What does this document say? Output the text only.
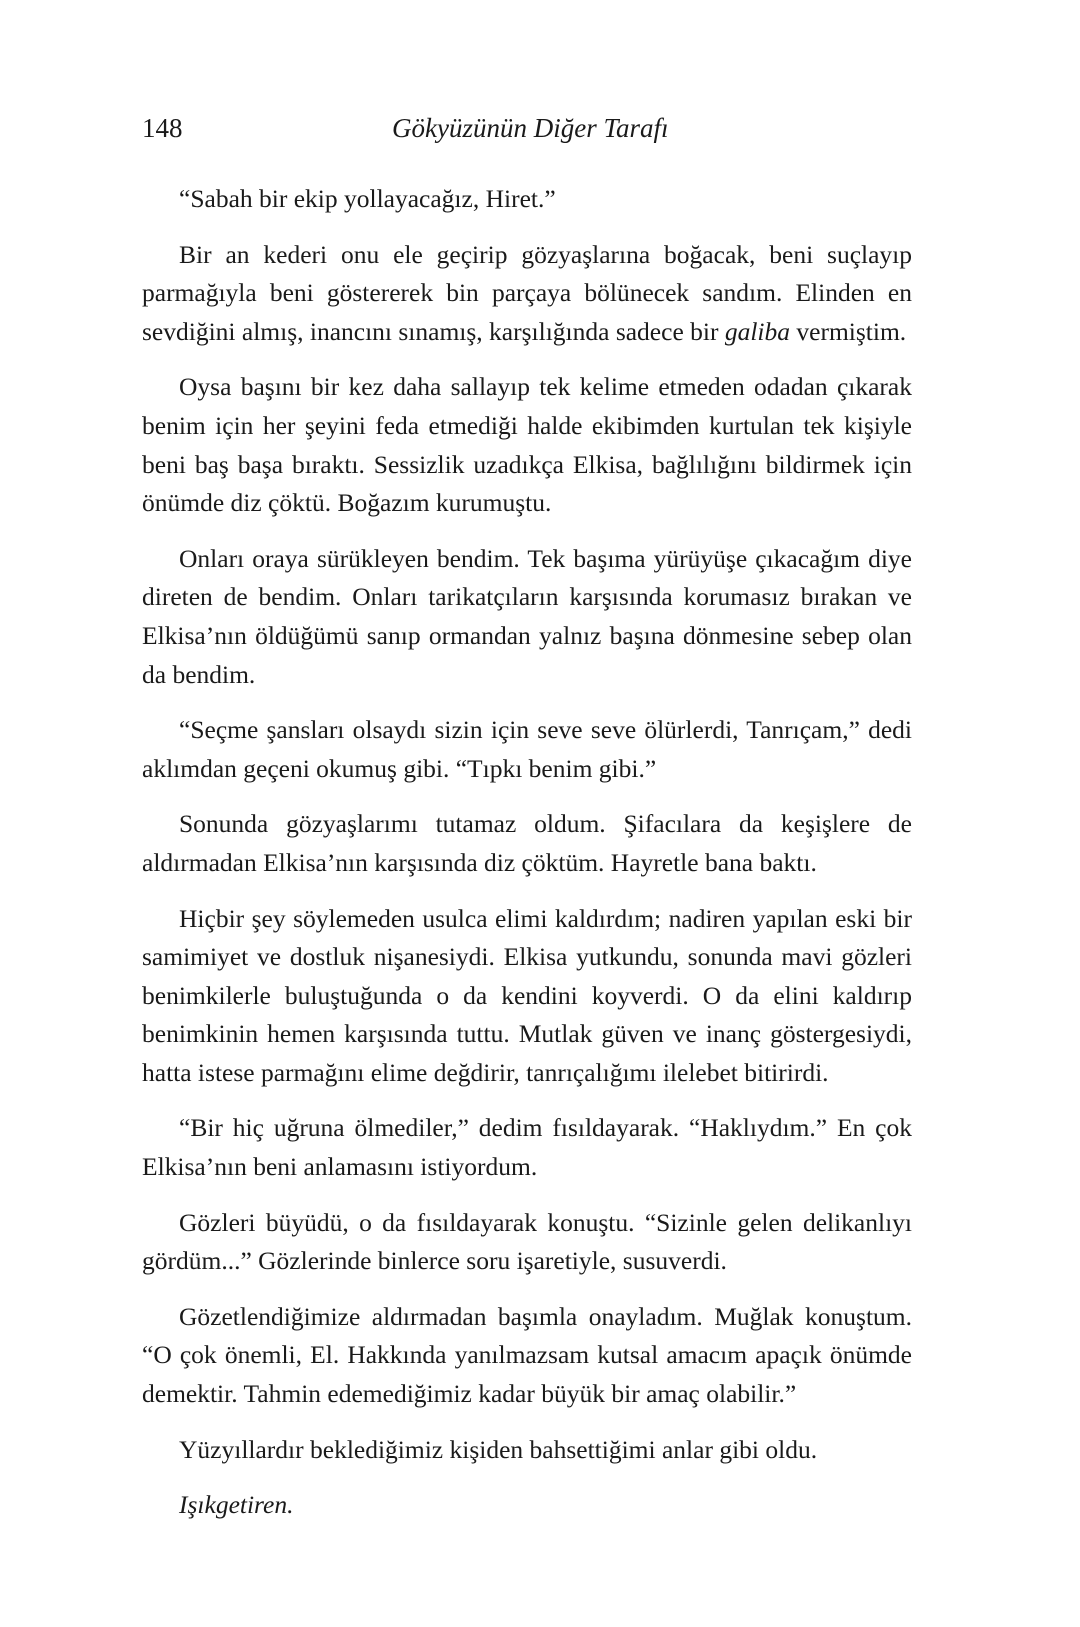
148	Gökyüzünün Diğer Tarafı

“Sabah bir ekip yollayacağız, Hiret.”

Bir an kederi onu ele geçirip gözyaşlarına boğacak, beni suçlayıp parmağıyla beni göstererek bin parçaya bölünecek sandım. Elinden en sevdiğini almış, inancını sınamış, karşılığında sadece bir galiba vermiştim.

Oysa başını bir kez daha sallayıp tek kelime etmeden odadan çıkarak benim için her şeyini feda etmediği halde ekibimden kurtulan tek kişiyle beni baş başa bıraktı. Sessizlik uzadıkça Elkisa, bağlılığını bildirmek için önümde diz çöktü. Boğazım kurumuştu.

Onları oraya sürükleyen bendim. Tek başıma yürüyüşe çıkacağım diye direten de bendim. Onları tarikatçıların karşısında korumasız bırakan ve Elkisa’nın öldüğümü sanıp ormandan yalnız başına dönmesine sebep olan da bendim.

“Seçme şansları olsaydı sizin için seve seve ölürlerdi, Tanrıçam,” dedi aklımdan geçeni okumuş gibi. “Tıpkı benim gibi.”

Sonunda gözyaşlarımı tutamaz oldum. Şifacılara da keşişlere de aldırmadan Elkisa’nın karşısında diz çöktüm. Hayretle bana baktı.

Hiçbir şey söylemeden usulca elimi kaldırdım; nadiren yapılan eski bir samimiyet ve dostluk nişanesiydi. Elkisa yutkundu, sonunda mavi gözleri benimkilerle buluştuğunda o da kendini koyverdi. O da elini kaldırıp benimkinin hemen karşısında tuttu. Mutlak güven ve inanç göstergesiydi, hatta istese parmağını elime değdirir, tanrıçalığımı ilelebet bitirirdi.

“Bir hiç uğruna ölmediler,” dedim fısıldayarak. “Haklıydım.” En çok Elkisa’nın beni anlamasını istiyordum.

Gözleri büyüdü, o da fısıldayarak konuştu. “Sizinle gelen delikanlıyı gördüm...” Gözlerinde binlerce soru işaretiyle, susuverdi.

Gözetlendiğimize aldırmadan başımla onayladım. Muğlak konuştum. “O çok önemli, El. Hakkında yanılmazsam kutsal amacım apaçık önümde demektir. Tahmin edemediğimiz kadar büyük bir amaç olabilir.”

Yüzyıllardır beklediğimiz kişiden bahsettiğimi anlar gibi oldu.

Işıkgetiren.
